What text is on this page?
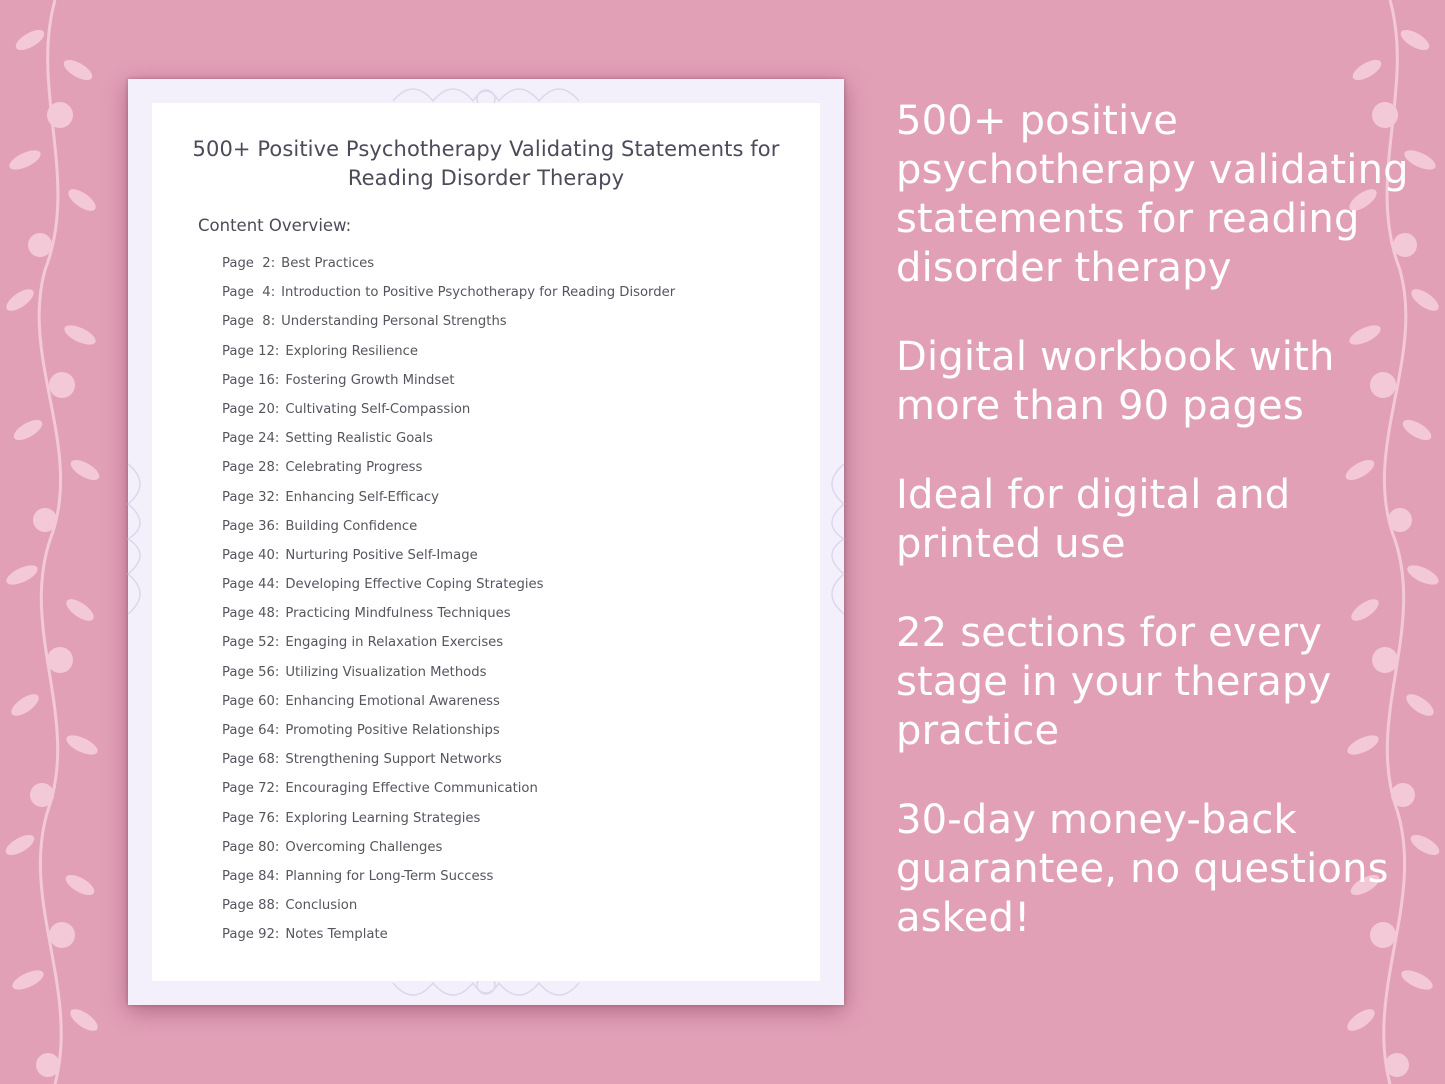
500+ Positive Psychotherapy Validating Statements for
Reading Disorder Therapy
Content Overview:
Page  2: Best Practices
Page  4: Introduction to Positive Psychotherapy for Reading Disorder
Page  8: Understanding Personal Strengths
Page 12: Exploring Resilience
Page 16: Fostering Growth Mindset
Page 20: Cultivating Self-Compassion
Page 24: Setting Realistic Goals
Page 28: Celebrating Progress
Page 32: Enhancing Self-Efficacy
Page 36: Building Confidence
Page 40: Nurturing Positive Self-Image
Page 44: Developing Effective Coping Strategies
Page 48: Practicing Mindfulness Techniques
Page 52: Engaging in Relaxation Exercises
Page 56: Utilizing Visualization Methods
Page 60: Enhancing Emotional Awareness
Page 64: Promoting Positive Relationships
Page 68: Strengthening Support Networks
Page 72: Encouraging Effective Communication
Page 76: Exploring Learning Strategies
Page 80: Overcoming Challenges
Page 84: Planning for Long-Term Success
Page 88: Conclusion
Page 92: Notes Template

500+ positive psychotherapy validating statements for reading disorder therapy

Digital workbook with more than 90 pages

Ideal for digital and printed use

22 sections for every stage in your therapy practice

30-day money-back guarantee, no questions asked!
